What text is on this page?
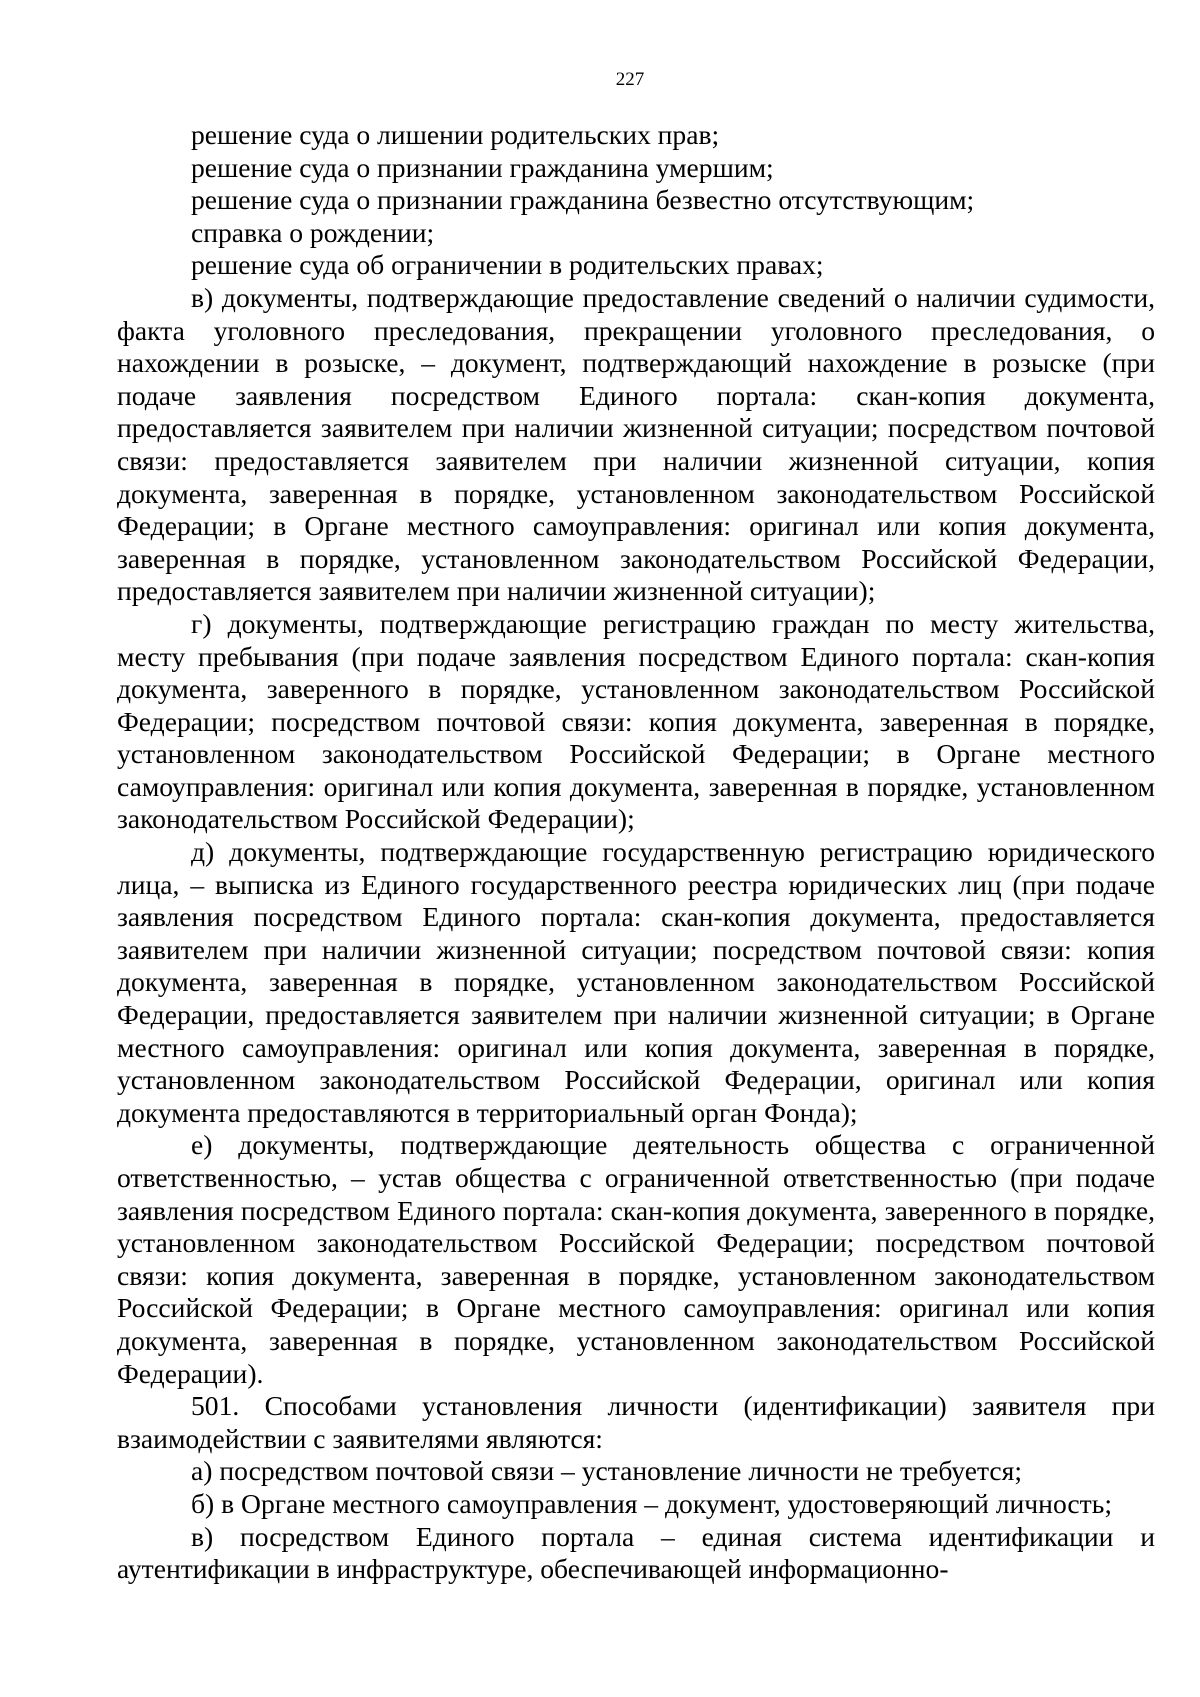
227

решение суда о лишении родительских прав;

решение суда о признании гражданина умершим;

решение суда о признании гражданина безвестно отсутствующим;

справка о рождении;

решение суда об ограничении в родительских правах;

в) документы, подтверждающие предоставление сведений о наличии судимости, факта уголовного преследования, прекращении уголовного преследования, о нахождении в розыске, – документ, подтверждающий нахождение в розыске (при подаче заявления посредством Единого портала: скан-копия документа, предоставляется заявителем при наличии жизненной ситуации; посредством почтовой связи: предоставляется заявителем при наличии жизненной ситуации, копия документа, заверенная в порядке, установленном законодательством Российской Федерации; в Органе местного самоуправления: оригинал или копия документа, заверенная в порядке, установленном законодательством Российской Федерации, предоставляется заявителем при наличии жизненной ситуации);

г) документы, подтверждающие регистрацию граждан по месту жительства, месту пребывания (при подаче заявления посредством Единого портала: скан-копия документа, заверенного в порядке, установленном законодательством Российской Федерации; посредством почтовой связи: копия документа, заверенная в порядке, установленном законодательством Российской Федерации; в Органе местного самоуправления: оригинал или копия документа, заверенная в порядке, установленном законодательством Российской Федерации);

д) документы, подтверждающие государственную регистрацию юридического лица, – выписка из Единого государственного реестра юридических лиц (при подаче заявления посредством Единого портала: скан-копия документа, предоставляется заявителем при наличии жизненной ситуации; посредством почтовой связи: копия документа, заверенная в порядке, установленном законодательством Российской Федерации, предоставляется заявителем при наличии жизненной ситуации; в Органе местного самоуправления: оригинал или копия документа, заверенная в порядке, установленном законодательством Российской Федерации, оригинал или копия документа предоставляются в территориальный орган Фонда);

е) документы, подтверждающие деятельность общества с ограниченной ответственностью, – устав общества с ограниченной ответственностью (при подаче заявления посредством Единого портала: скан-копия документа, заверенного в порядке, установленном законодательством Российской Федерации; посредством почтовой связи: копия документа, заверенная в порядке, установленном законодательством Российской Федерации; в Органе местного самоуправления: оригинал или копия документа, заверенная в порядке, установленном законодательством Российской Федерации).

501. Способами установления личности (идентификации) заявителя при взаимодействии с заявителями являются:

а) посредством почтовой связи – установление личности не требуется;

б) в Органе местного самоуправления – документ, удостоверяющий личность;

в) посредством Единого портала – единая система идентификации и аутентификации в инфраструктуре, обеспечивающей информационно-
